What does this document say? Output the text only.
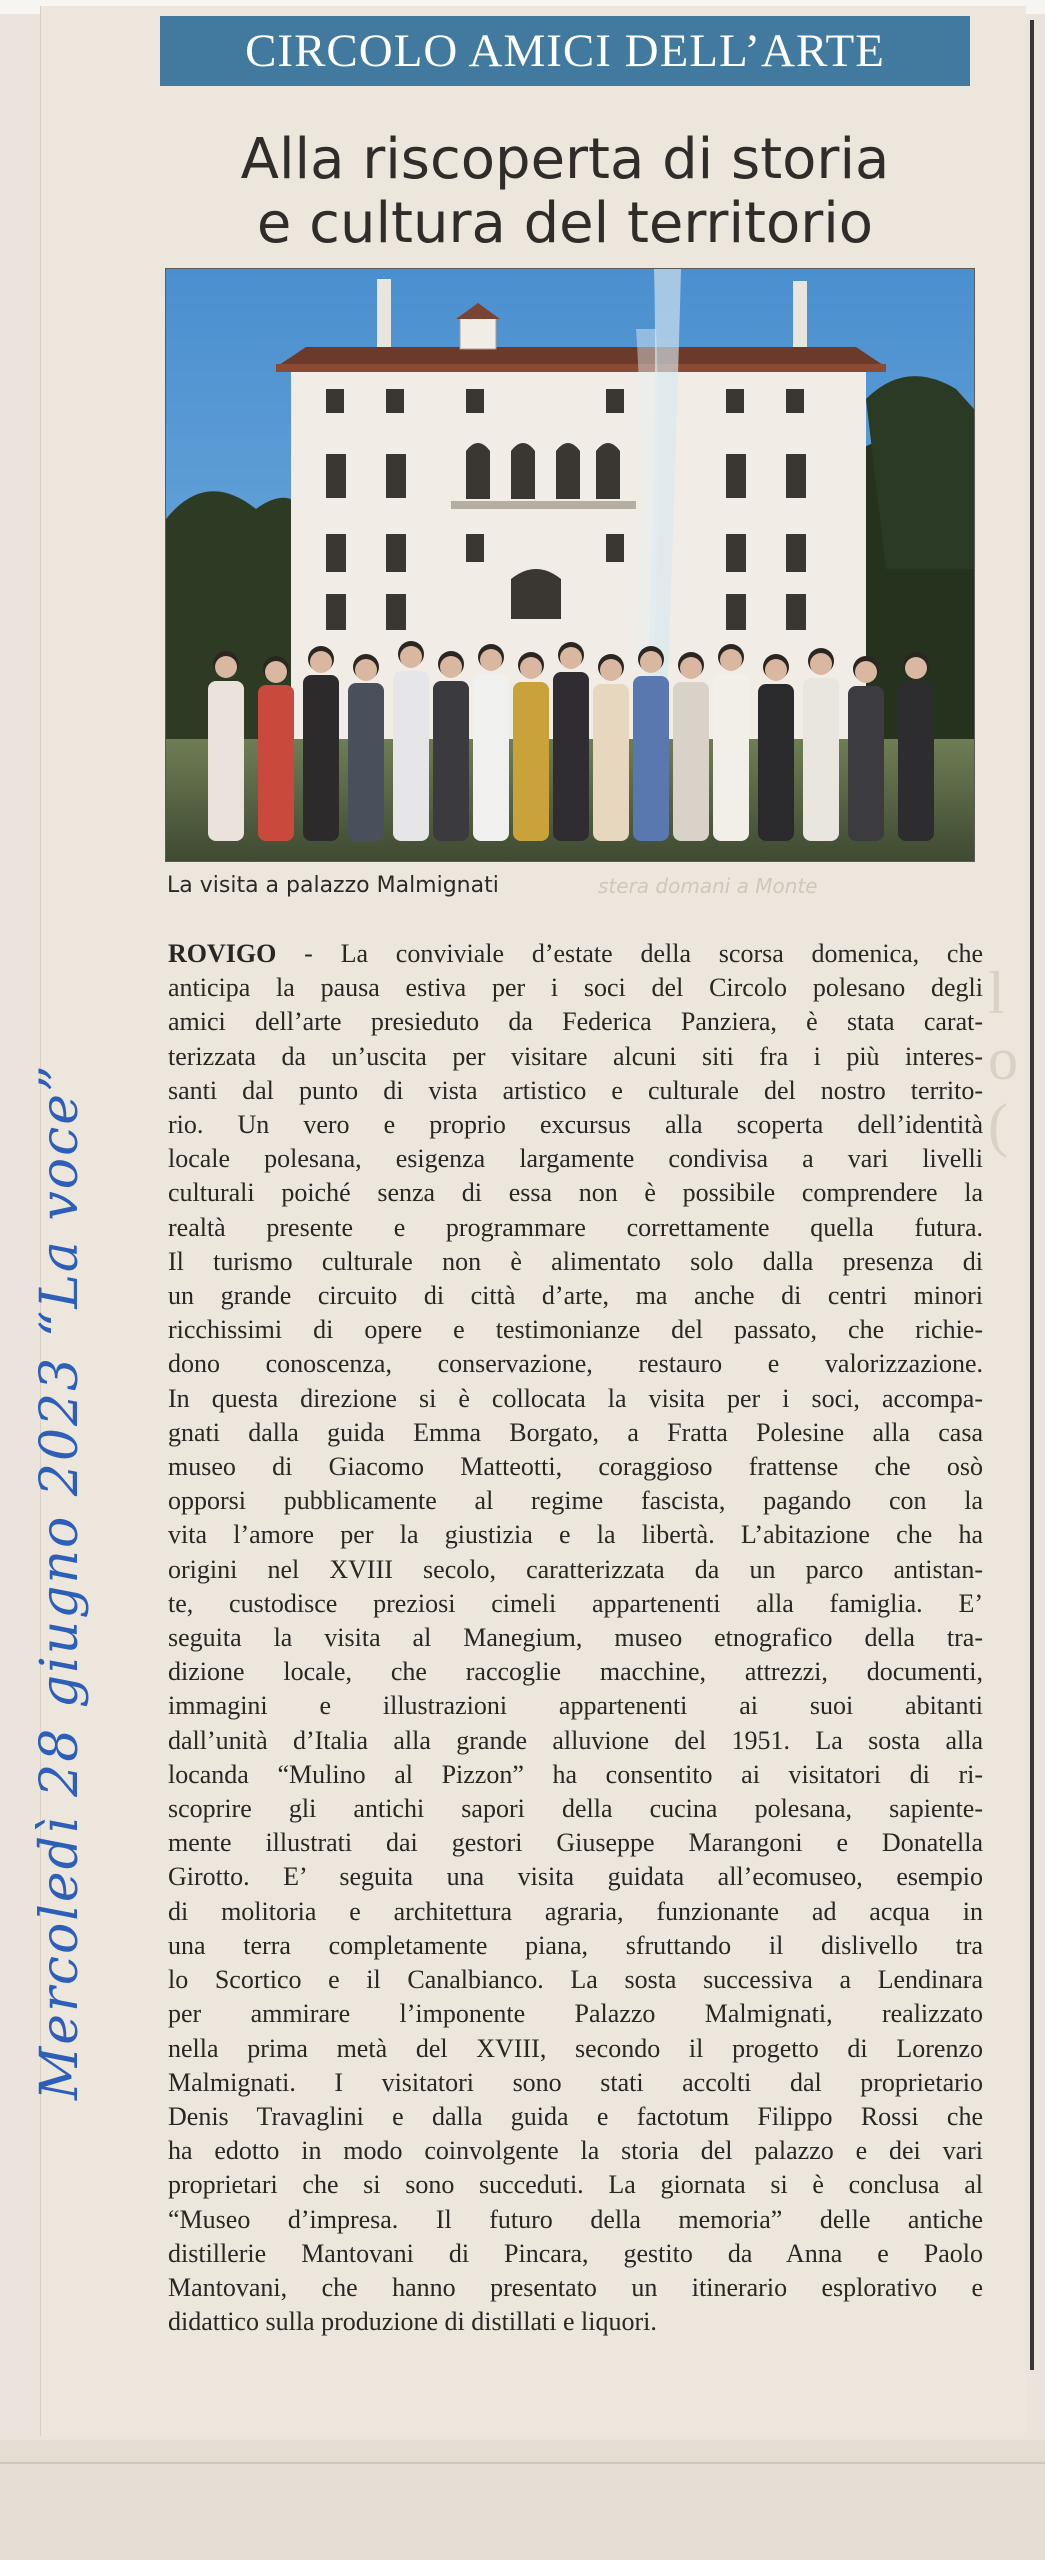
CIRCOLO AMICI DELL’ARTE
Alla riscoperta di storia
e cultura del territorio
La visita a palazzo Malmignati	stera domani a Monte
l
o
(

ROVIGO - La conviviale d’estate della scorsa domenica, che
anticipa la pausa estiva per i soci del Circolo polesano degli
amici dell’arte presieduto da Federica Panziera, è stata carat-
terizzata da un’uscita per visitare alcuni siti fra i più interes-
santi dal punto di vista artistico e culturale del nostro territo-
rio. Un vero e proprio excursus alla scoperta dell’identità
locale polesana, esigenza largamente condivisa a vari livelli
culturali poiché senza di essa non è possibile comprendere la
realtà presente e programmare correttamente quella futura.
Il turismo culturale non è alimentato solo dalla presenza di
un grande circuito di città d’arte, ma anche di centri minori
ricchissimi di opere e testimonianze del passato, che richie-
dono conoscenza, conservazione, restauro e valorizzazione.
In questa direzione si è collocata la visita per i soci, accompa-
gnati dalla guida Emma Borgato, a Fratta Polesine alla casa
museo di Giacomo Matteotti, coraggioso frattense che osò
opporsi pubblicamente al regime fascista, pagando con la
vita l’amore per la giustizia e la libertà. L’abitazione che ha
origini nel XVIII secolo, caratterizzata da un parco antistan-
te, custodisce preziosi cimeli appartenenti alla famiglia. E’
seguita la visita al Manegium, museo etnografico della tra-
dizione locale, che raccoglie macchine, attrezzi, documenti,
immagini e illustrazioni appartenenti ai suoi abitanti
dall’unità d’Italia alla grande alluvione del 1951. La sosta alla
locanda “Mulino al Pizzon” ha consentito ai visitatori di ri-
scoprire gli antichi sapori della cucina polesana, sapiente-
mente illustrati dai gestori Giuseppe Marangoni e Donatella
Girotto. E’ seguita una visita guidata all’ecomuseo, esempio
di molitoria e architettura agraria, funzionante ad acqua in
una terra completamente piana, sfruttando il dislivello tra
lo Scortico e il Canalbianco. La sosta successiva a Lendinara
per ammirare l’imponente Palazzo Malmignati, realizzato
nella prima metà del XVIII, secondo il progetto di Lorenzo
Malmignati. I visitatori sono stati accolti dal proprietario
Denis Travaglini e dalla guida e factotum Filippo Rossi che
ha edotto in modo coinvolgente la storia del palazzo e dei vari
proprietari che si sono succeduti. La giornata si è conclusa al
“Museo d’impresa. Il futuro della memoria” delle antiche
distillerie Mantovani di Pincara, gestito da Anna e Paolo
Mantovani, che hanno presentato un itinerario esplorativo e
didattico sulla produzione di distillati e liquori.

Mercoledì 28 giugno 2023 “La voce”
